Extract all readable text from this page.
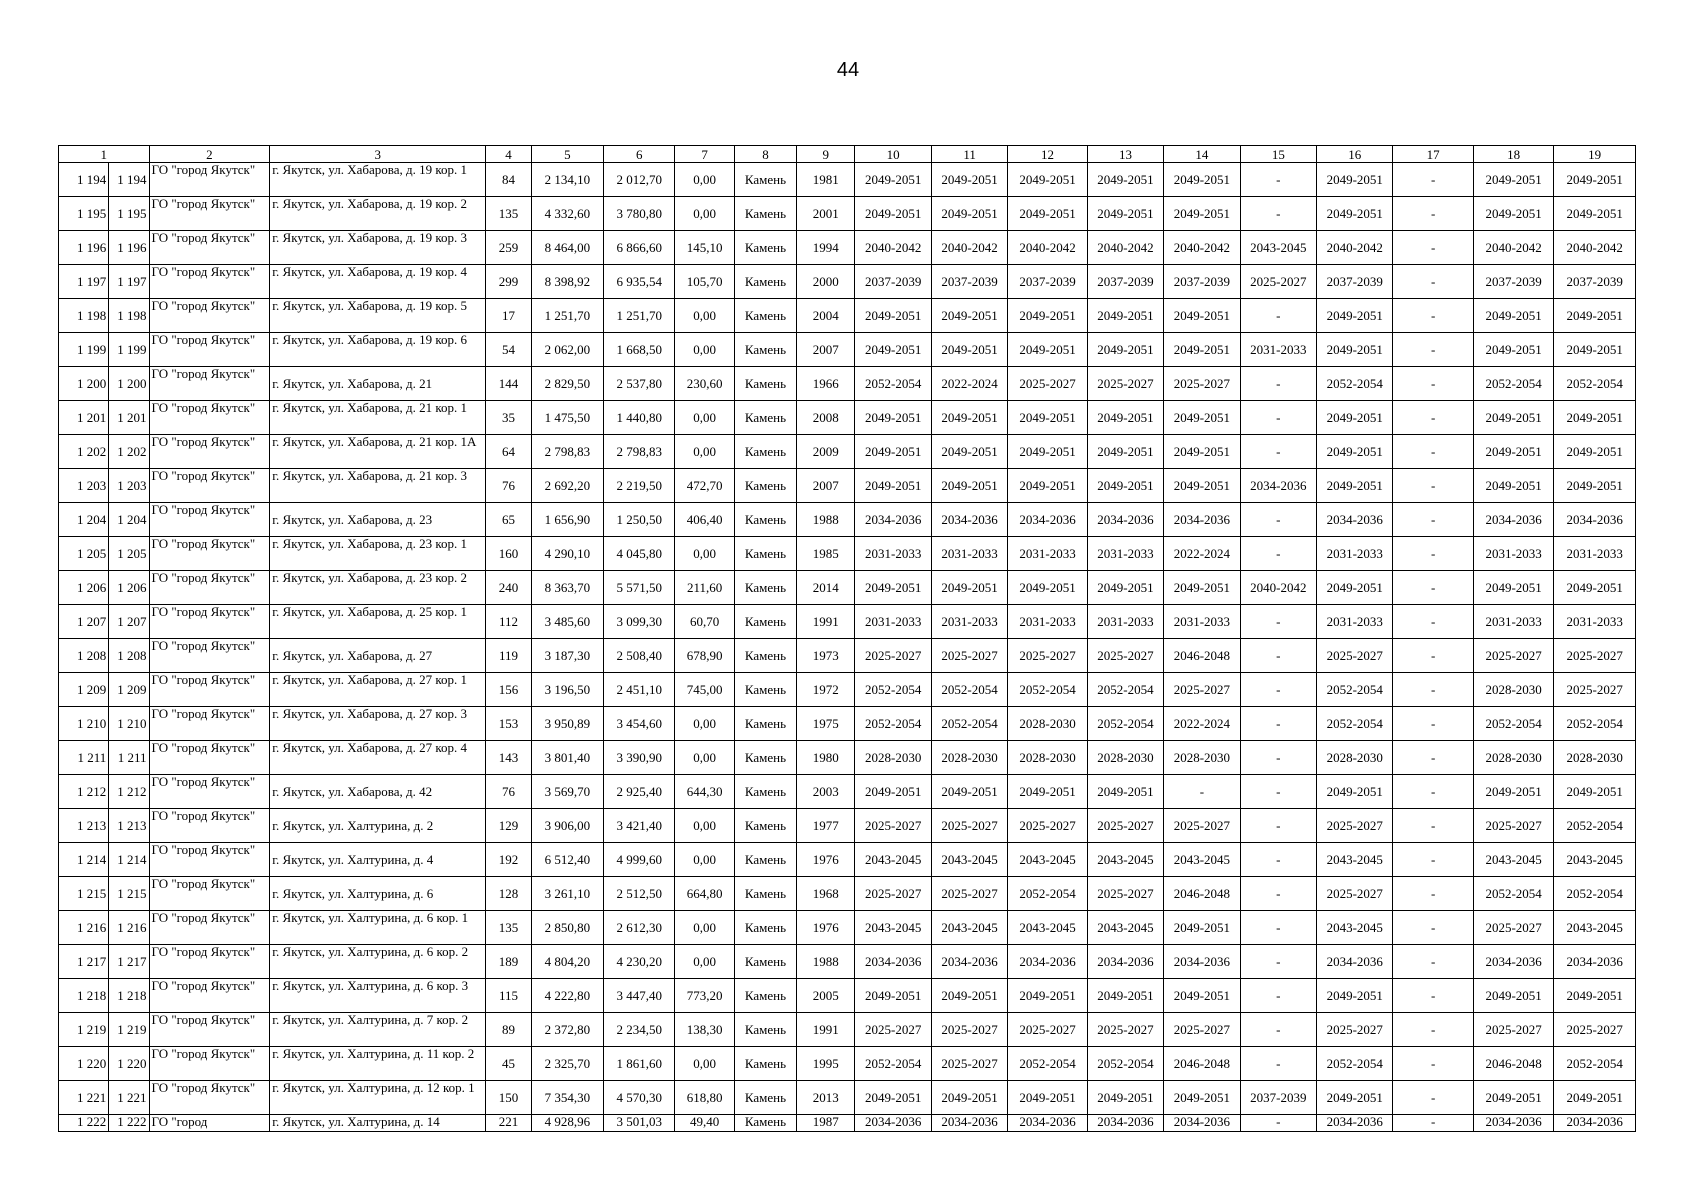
44
1		2	3	4	5	6	7	8	9	10	11	12	13	14	15	16	17	18	19
1 194	1 194	ГО "город Якутск"	г. Якутск, ул. Хабарова, д. 19 кор. 1	84	2 134,10	2 012,70	0,00	Камень	1981	2049-2051	2049-2051	2049-2051	2049-2051	2049-2051	-	2049-2051	-	2049-2051	2049-2051
1 195	1 195	ГО "город Якутск"	г. Якутск, ул. Хабарова, д. 19 кор. 2	135	4 332,60	3 780,80	0,00	Камень	2001	2049-2051	2049-2051	2049-2051	2049-2051	2049-2051	-	2049-2051	-	2049-2051	2049-2051
1 196	1 196	ГО "город Якутск"	г. Якутск, ул. Хабарова, д. 19 кор. 3	259	8 464,00	6 866,60	145,10	Камень	1994	2040-2042	2040-2042	2040-2042	2040-2042	2040-2042	2043-2045	2040-2042	-	2040-2042	2040-2042
1 197	1 197	ГО "город Якутск"	г. Якутск, ул. Хабарова, д. 19 кор. 4	299	8 398,92	6 935,54	105,70	Камень	2000	2037-2039	2037-2039	2037-2039	2037-2039	2037-2039	2025-2027	2037-2039	-	2037-2039	2037-2039
1 198	1 198	ГО "город Якутск"	г. Якутск, ул. Хабарова, д. 19 кор. 5	17	1 251,70	1 251,70	0,00	Камень	2004	2049-2051	2049-2051	2049-2051	2049-2051	2049-2051	-	2049-2051	-	2049-2051	2049-2051
1 199	1 199	ГО "город Якутск"	г. Якутск, ул. Хабарова, д. 19 кор. 6	54	2 062,00	1 668,50	0,00	Камень	2007	2049-2051	2049-2051	2049-2051	2049-2051	2049-2051	2031-2033	2049-2051	-	2049-2051	2049-2051
1 200	1 200	ГО "город Якутск"	г. Якутск, ул. Хабарова, д. 21	144	2 829,50	2 537,80	230,60	Камень	1966	2052-2054	2022-2024	2025-2027	2025-2027	2025-2027	-	2052-2054	-	2052-2054	2052-2054
1 201	1 201	ГО "город Якутск"	г. Якутск, ул. Хабарова, д. 21 кор. 1	35	1 475,50	1 440,80	0,00	Камень	2008	2049-2051	2049-2051	2049-2051	2049-2051	2049-2051	-	2049-2051	-	2049-2051	2049-2051
1 202	1 202	ГО "город Якутск"	г. Якутск, ул. Хабарова, д. 21 кор. 1А	64	2 798,83	2 798,83	0,00	Камень	2009	2049-2051	2049-2051	2049-2051	2049-2051	2049-2051	-	2049-2051	-	2049-2051	2049-2051
1 203	1 203	ГО "город Якутск"	г. Якутск, ул. Хабарова, д. 21 кор. 3	76	2 692,20	2 219,50	472,70	Камень	2007	2049-2051	2049-2051	2049-2051	2049-2051	2049-2051	2034-2036	2049-2051	-	2049-2051	2049-2051
1 204	1 204	ГО "город Якутск"	г. Якутск, ул. Хабарова, д. 23	65	1 656,90	1 250,50	406,40	Камень	1988	2034-2036	2034-2036	2034-2036	2034-2036	2034-2036	-	2034-2036	-	2034-2036	2034-2036
1 205	1 205	ГО "город Якутск"	г. Якутск, ул. Хабарова, д. 23 кор. 1	160	4 290,10	4 045,80	0,00	Камень	1985	2031-2033	2031-2033	2031-2033	2031-2033	2022-2024	-	2031-2033	-	2031-2033	2031-2033
1 206	1 206	ГО "город Якутск"	г. Якутск, ул. Хабарова, д. 23 кор. 2	240	8 363,70	5 571,50	211,60	Камень	2014	2049-2051	2049-2051	2049-2051	2049-2051	2049-2051	2040-2042	2049-2051	-	2049-2051	2049-2051
1 207	1 207	ГО "город Якутск"	г. Якутск, ул. Хабарова, д. 25 кор. 1	112	3 485,60	3 099,30	60,70	Камень	1991	2031-2033	2031-2033	2031-2033	2031-2033	2031-2033	-	2031-2033	-	2031-2033	2031-2033
1 208	1 208	ГО "город Якутск"	г. Якутск, ул. Хабарова, д. 27	119	3 187,30	2 508,40	678,90	Камень	1973	2025-2027	2025-2027	2025-2027	2025-2027	2046-2048	-	2025-2027	-	2025-2027	2025-2027
1 209	1 209	ГО "город Якутск"	г. Якутск, ул. Хабарова, д. 27 кор. 1	156	3 196,50	2 451,10	745,00	Камень	1972	2052-2054	2052-2054	2052-2054	2052-2054	2025-2027	-	2052-2054	-	2028-2030	2025-2027
1 210	1 210	ГО "город Якутск"	г. Якутск, ул. Хабарова, д. 27 кор. 3	153	3 950,89	3 454,60	0,00	Камень	1975	2052-2054	2052-2054	2028-2030	2052-2054	2022-2024	-	2052-2054	-	2052-2054	2052-2054
1 211	1 211	ГО "город Якутск"	г. Якутск, ул. Хабарова, д. 27 кор. 4	143	3 801,40	3 390,90	0,00	Камень	1980	2028-2030	2028-2030	2028-2030	2028-2030	2028-2030	-	2028-2030	-	2028-2030	2028-2030
1 212	1 212	ГО "город Якутск"	г. Якутск, ул. Хабарова, д. 42	76	3 569,70	2 925,40	644,30	Камень	2003	2049-2051	2049-2051	2049-2051	2049-2051	-	-	2049-2051	-	2049-2051	2049-2051
1 213	1 213	ГО "город Якутск"	г. Якутск, ул. Халтурина, д. 2	129	3 906,00	3 421,40	0,00	Камень	1977	2025-2027	2025-2027	2025-2027	2025-2027	2025-2027	-	2025-2027	-	2025-2027	2052-2054
1 214	1 214	ГО "город Якутск"	г. Якутск, ул. Халтурина, д. 4	192	6 512,40	4 999,60	0,00	Камень	1976	2043-2045	2043-2045	2043-2045	2043-2045	2043-2045	-	2043-2045	-	2043-2045	2043-2045
1 215	1 215	ГО "город Якутск"	г. Якутск, ул. Халтурина, д. 6	128	3 261,10	2 512,50	664,80	Камень	1968	2025-2027	2025-2027	2052-2054	2025-2027	2046-2048	-	2025-2027	-	2052-2054	2052-2054
1 216	1 216	ГО "город Якутск"	г. Якутск, ул. Халтурина, д. 6 кор. 1	135	2 850,80	2 612,30	0,00	Камень	1976	2043-2045	2043-2045	2043-2045	2043-2045	2049-2051	-	2043-2045	-	2025-2027	2043-2045
1 217	1 217	ГО "город Якутск"	г. Якутск, ул. Халтурина, д. 6 кор. 2	189	4 804,20	4 230,20	0,00	Камень	1988	2034-2036	2034-2036	2034-2036	2034-2036	2034-2036	-	2034-2036	-	2034-2036	2034-2036
1 218	1 218	ГО "город Якутск"	г. Якутск, ул. Халтурина, д. 6 кор. 3	115	4 222,80	3 447,40	773,20	Камень	2005	2049-2051	2049-2051	2049-2051	2049-2051	2049-2051	-	2049-2051	-	2049-2051	2049-2051
1 219	1 219	ГО "город Якутск"	г. Якутск, ул. Халтурина, д. 7 кор. 2	89	2 372,80	2 234,50	138,30	Камень	1991	2025-2027	2025-2027	2025-2027	2025-2027	2025-2027	-	2025-2027	-	2025-2027	2025-2027
1 220	1 220	ГО "город Якутск"	г. Якутск, ул. Халтурина, д. 11 кор. 2	45	2 325,70	1 861,60	0,00	Камень	1995	2052-2054	2025-2027	2052-2054	2052-2054	2046-2048	-	2052-2054	-	2046-2048	2052-2054
1 221	1 221	ГО "город Якутск"	г. Якутск, ул. Халтурина, д. 12 кор. 1	150	7 354,30	4 570,30	618,80	Камень	2013	2049-2051	2049-2051	2049-2051	2049-2051	2049-2051	2037-2039	2049-2051	-	2049-2051	2049-2051
1 222	1 222	ГО "город	г. Якутск, ул. Халтурина, д. 14	221	4 928,96	3 501,03	49,40	Камень	1987	2034-2036	2034-2036	2034-2036	2034-2036	2034-2036	-	2034-2036	-	2034-2036	2034-2036
